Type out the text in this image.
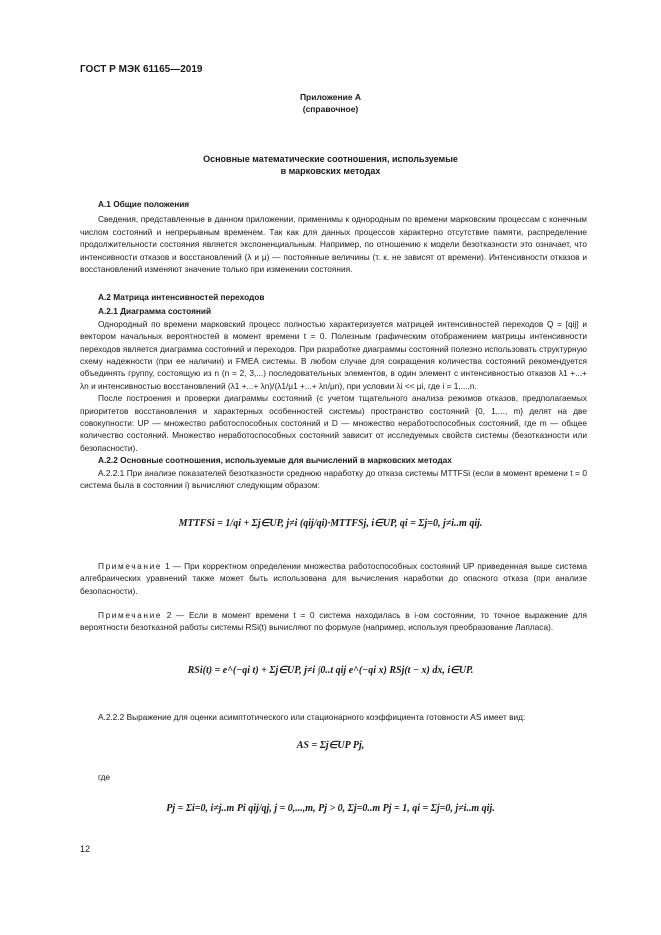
ГОСТ Р МЭК 61165—2019
Приложение А
(справочное)
Основные математические соотношения, используемые
в марковских методах

А.1 Общие положения

Сведения, представленные в данном приложении, применимы к однородным по времени марковским процессам с конечным числом состояний и непрерывным временем. Так как для данных процессов характерно отсутствие памяти, распределение продолжительности состояния является экспоненциальным. Например, по отношению к модели безотказности это означает, что интенсивности отказов и восстановлений (λ и μ) — постоянные величины (т. к. не зависят от времени). Интенсивности отказов и восстановлений изменяют значение только при изменении состояния.

А.2 Матрица интенсивностей переходов

А.2.1 Диаграмма состояний

Однородный по времени марковский процесс полностью характеризуется матрицей интенсивностей переходов Q = [qij] и вектором начальных вероятностей в момент времени t = 0. Полезным графическим отображением матрицы интенсивности переходов является диаграмма состояний и переходов. При разработке диаграммы состояний полезно использовать структурную схему надежности (при ее наличии) и FMEA системы. В любом случае для сокращения количества состояний рекомендуется объединять группу, состоящую из n (n = 2, 3,...) последовательных элементов, в один элемент с интенсивностью отказов λ1 +...+ λn и интенсивностью восстановлений (λ1 +...+ λn)/(λ1/μ1 +...+ λn/μn), при условии λi << μi, где i = 1,...,n.

После построения и проверки диаграммы состояний (с учетом тщательного анализа режимов отказов, предполагаемых приоритетов восстановления и характерных особенностей системы) пространство состояний {0, 1,..., m} делят на две совокупности: UP — множество работоспособных состояний и D — множество неработоспособных состояний, где m — общее количество состояний. Множество неработоспособных состояний зависит от исследуемых свойств системы (безотказности или безопасности).

А.2.2 Основные соотношения, используемые для вычислений в марковских методах

А.2.2.1 При анализе показателей безотказности среднюю наработку до отказа системы MTTFSi (если в момент времени t = 0 система была в состоянии i) вычисляют следующим образом:

MTTFSi = 1/qi + Σj∈UP, j≠i (qij/qi)·MTTFSj, i∈UP, qi = Σj=0, j≠i..m qij.

Примечание 1 — При корректном определении множества работоспособных состояний UP приведенная выше система алгебраических уравнений также может быть использована для вычисления наработки до опасного отказа (при анализе безопасности).

Примечание 2 — Если в момент времени t = 0 система находилась в i-ом состоянии, то точное выражение для вероятности безотказной работы системы RSi(t) вычисляют по формуле (например, используя преобразование Лапласа).

RSi(t) = e^(−qi t) + Σj∈UP, j≠i ∫0..t qij e^(−qi x) RSj(t − x) dx, i∈UP.

А.2.2.2 Выражение для оценки асимптотического или стационарного коэффициента готовности AS имеет вид:

AS = Σj∈UP Pj,
где
Pj = Σi=0, i≠j..m Pi qij/qj, j = 0,...,m, Pj > 0, Σj=0..m Pj = 1, qi = Σj=0, j≠i..m qij.
12
